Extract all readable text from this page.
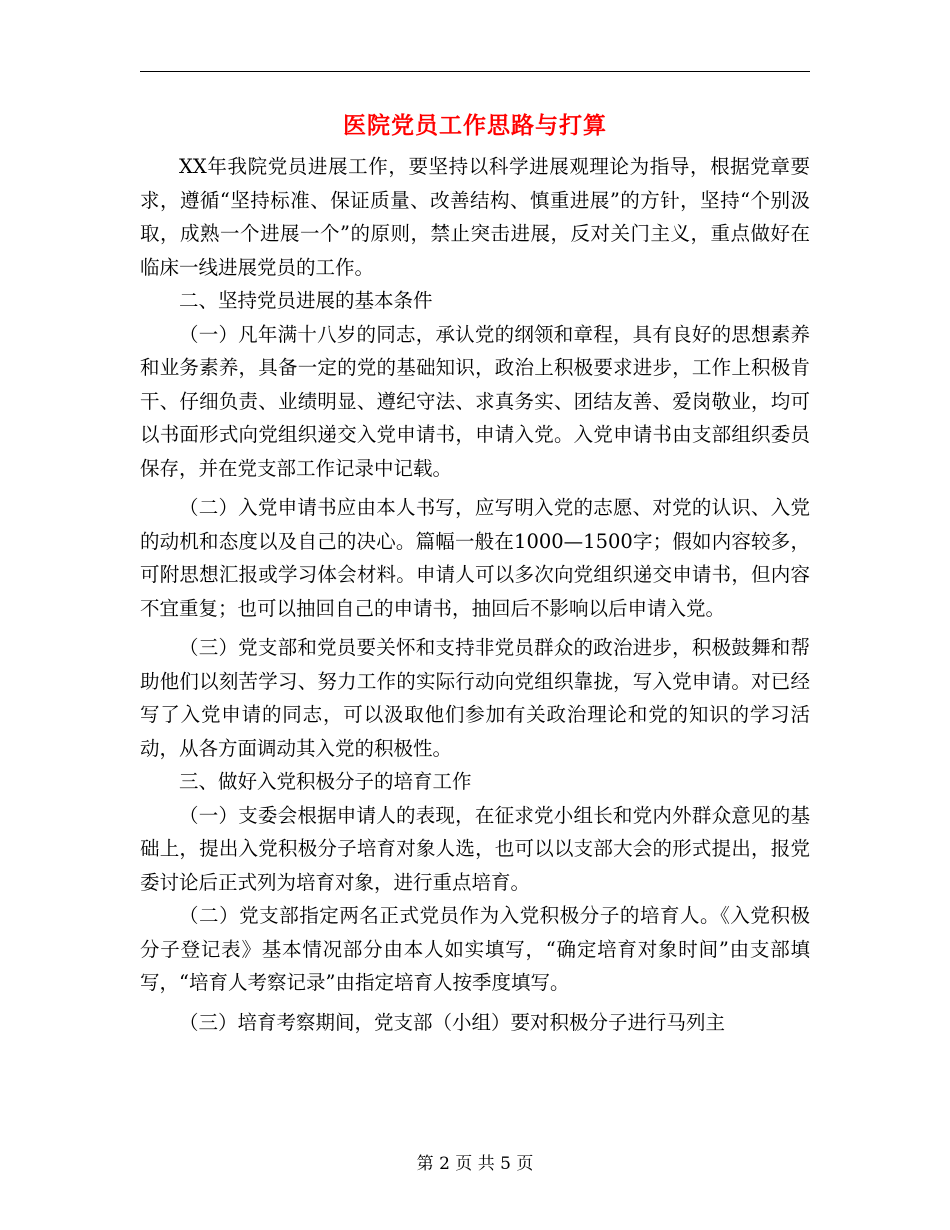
医院党员工作思路与打算

XX年我院党员进展工作，要坚持以科学进展观理论为指导，根据党章要求，遵循“坚持标准、保证质量、改善结构、慎重进展”的方针，坚持“个别汲取，成熟一个进展一个”的原则，禁止突击进展，反对关门主义，重点做好在临床一线进展党员的工作。

二、坚持党员进展的基本条件

（一）凡年满十八岁的同志，承认党的纲领和章程，具有良好的思想素养和业务素养，具备一定的党的基础知识，政治上积极要求进步，工作上积极肯干、仔细负责、业绩明显、遵纪守法、求真务实、团结友善、爱岗敬业，均可以书面形式向党组织递交入党申请书，申请入党。入党申请书由支部组织委员保存，并在党支部工作记录中记载。

（二）入党申请书应由本人书写，应写明入党的志愿、对党的认识、入党的动机和态度以及自己的决心。篇幅一般在1000—1500字；假如内容较多，可附思想汇报或学习体会材料。申请人可以多次向党组织递交申请书，但内容不宜重复；也可以抽回自己的申请书，抽回后不影响以后申请入党。

（三）党支部和党员要关怀和支持非党员群众的政治进步，积极鼓舞和帮助他们以刻苦学习、努力工作的实际行动向党组织靠拢，写入党申请。对已经写了入党申请的同志，可以汲取他们参加有关政治理论和党的知识的学习活动，从各方面调动其入党的积极性。

三、做好入党积极分子的培育工作

（一）支委会根据申请人的表现，在征求党小组长和党内外群众意见的基础上，提出入党积极分子培育对象人选，也可以以支部大会的形式提出，报党委讨论后正式列为培育对象，进行重点培育。

（二）党支部指定两名正式党员作为入党积极分子的培育人。《入党积极分子登记表》基本情况部分由本人如实填写，“确定培育对象时间”由支部填写，“培育人考察记录”由指定培育人按季度填写。

（三）培育考察期间，党支部（小组）要对积极分子进行马列主

第 2 页 共 5 页
